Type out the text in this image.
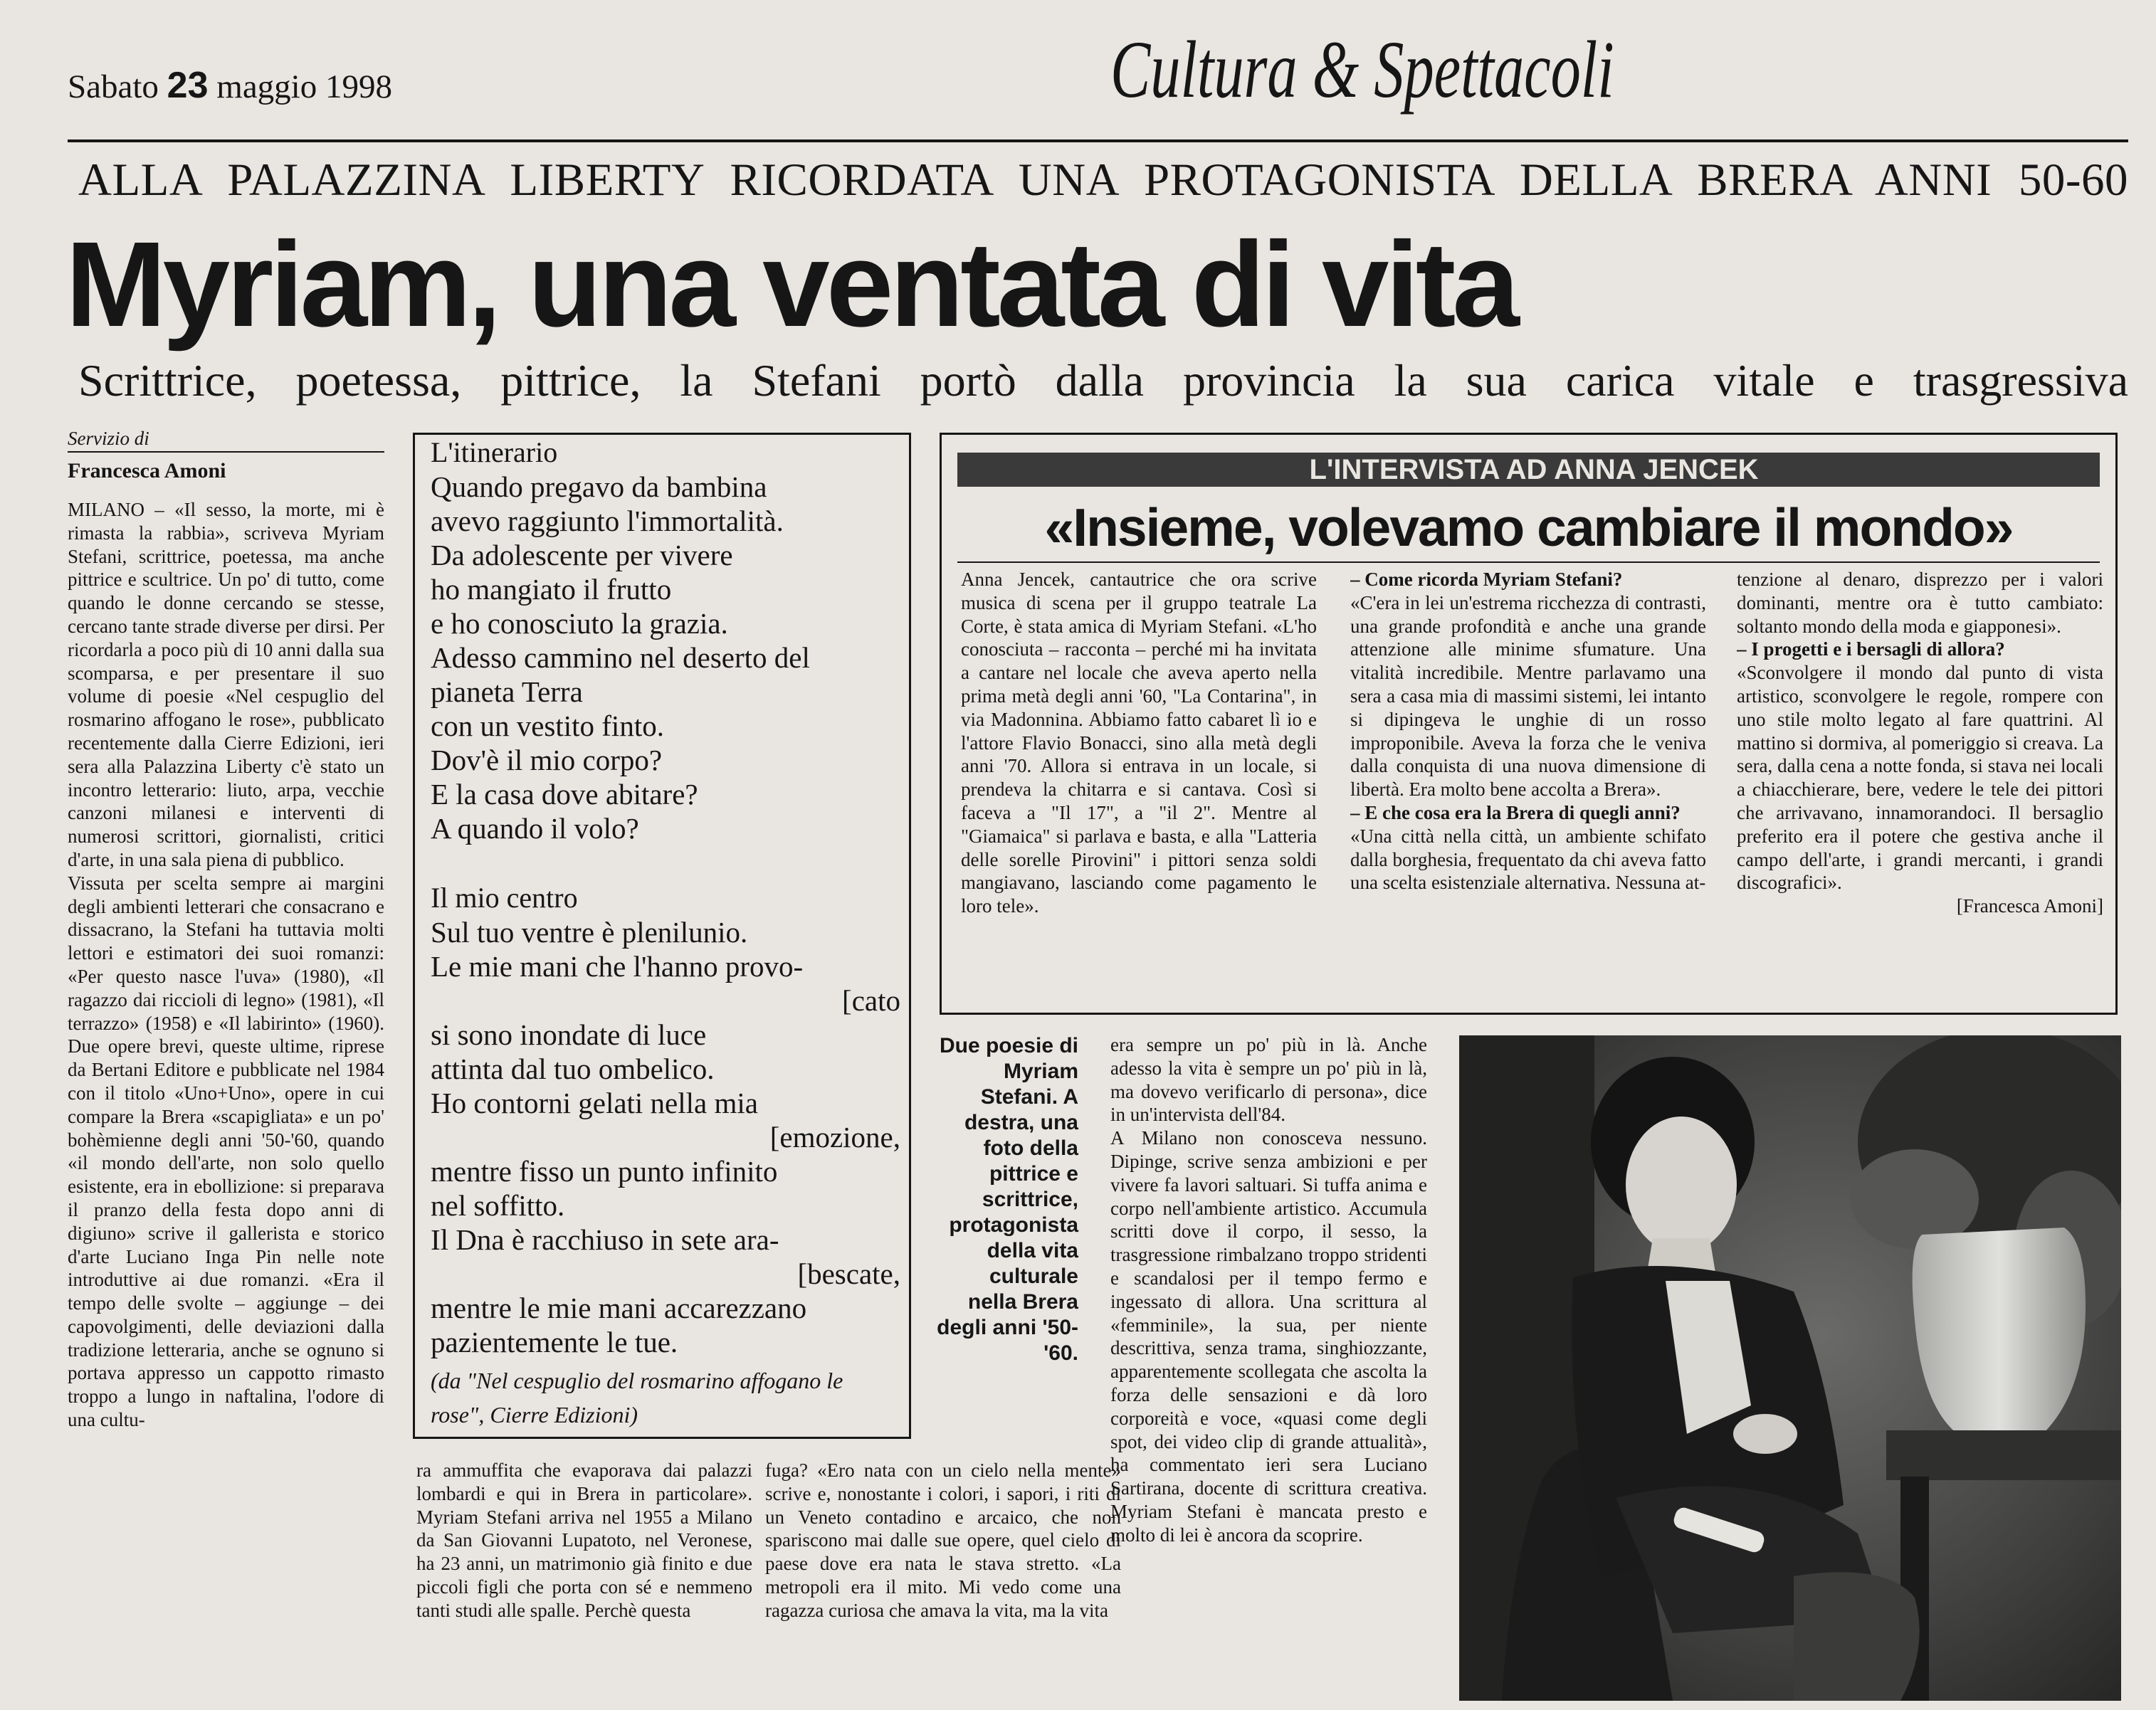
Sabato 23 maggio 1998	Cultura & Spettacoli
ALLA PALAZZINA LIBERTY RICORDATA UNA PROTAGONISTA DELLA BRERA ANNI 50-60
Myriam, una ventata di vita
Scrittrice, poetessa, pittrice, la Stefani portò dalla provincia la sua carica vitale e trasgressiva
Servizio di
Francesca Amoni

MILANO – «Il sesso, la morte, mi è rimasta la rabbia», scriveva Myriam Stefani, scrittrice, poetessa, ma anche pittrice e scultrice. Un po' di tutto, come quando le donne cercando se stesse, cercano tante strade diverse per dirsi. Per ricordarla a poco più di 10 anni dalla sua scomparsa, e per presentare il suo volume di poesie «Nel cespuglio del rosmarino affogano le rose», pubblicato recentemente dalla Cierre Edizioni, ieri sera alla Palazzina Liberty c'è stato un incontro letterario: liuto, arpa, vecchie canzoni milanesi e interventi di numerosi scrittori, giornalisti, critici d'arte, in una sala piena di pubblico.

Vissuta per scelta sempre ai margini degli ambienti letterari che consacrano e dissacrano, la Stefani ha tuttavia molti lettori e estimatori dei suoi romanzi: «Per questo nasce l'uva» (1980), «Il ragazzo dai riccioli di legno» (1981), «Il terrazzo» (1958) e «Il labirinto» (1960). Due opere brevi, queste ultime, riprese da Bertani Editore e pubblicate nel 1984 con il titolo «Uno+Uno», opere in cui compare la Brera «scapigliata» e un po' bohèmienne degli anni '50-'60, quando «il mondo dell'arte, non solo quello esistente, era in ebollizione: si preparava il pranzo della festa dopo anni di digiuno» scrive il gallerista e storico d'arte Luciano Inga Pin nelle note introduttive ai due romanzi. «Era il tempo delle svolte – aggiunge – dei capovolgimenti, delle deviazioni dalla tradizione letteraria, anche se ognuno si portava appresso un cappotto rimasto troppo a lungo in naftalina, l'odore di una cultu-

L'itinerario
Quando pregavo da bambina
avevo raggiunto l'immortalità.
Da adolescente per vivere
ho mangiato il frutto
e ho conosciuto la grazia.
Adesso cammino nel deserto del
pianeta Terra
con un vestito finto.
Dov'è il mio corpo?
E la casa dove abitare?
A quando il volo?
Il mio centro
Sul tuo ventre è plenilunio.
Le mie mani che l'hanno provo-
[cato
si sono inondate di luce
attinta dal tuo ombelico.
Ho contorni gelati nella mia
[emozione,
mentre fisso un punto infinito
nel soffitto.
Il Dna è racchiuso in sete ara-
[bescate,
mentre le mie mani accarezzano
pazientemente le tue.
(da "Nel cespuglio del rosmarino affogano le rose", Cierre Edizioni)

ra ammuffita che evaporava dai palazzi lombardi e qui in Brera in particolare». Myriam Stefani arriva nel 1955 a Milano da San Giovanni Lupatoto, nel Veronese, ha 23 anni, un matrimonio già finito e due piccoli figli che porta con sé e nemmeno tanti studi alle spalle. Perchè questa

fuga? «Ero nata con un cielo nella mente» scrive e, nonostante i colori, i sapori, i riti di un Veneto contadino e arcaico, che non spariscono mai dalle sue opere, quel cielo di paese dove era nata le stava stretto. «La metropoli era il mito. Mi vedo come una ragazza curiosa che amava la vita, ma la vita

L'INTERVISTA AD ANNA JENCEK
«Insieme, volevamo cambiare il mondo»

Anna Jencek, cantautrice che ora scrive musica di scena per il gruppo teatrale La Corte, è stata amica di Myriam Stefani. «L'ho conosciuta – racconta – perché mi ha invitata a cantare nel locale che aveva aperto nella prima metà degli anni '60, "La Contarina", in via Madonnina. Abbiamo fatto cabaret lì io e l'attore Flavio Bonacci, sino alla metà degli anni '70. Allora si entrava in un locale, si prendeva la chitarra e si cantava. Così si faceva a "Il 17", a "il 2". Mentre al "Giamaica" si parlava e basta, e alla "Latteria delle sorelle Pirovini" i pittori senza soldi mangiavano, lasciando come pagamento le loro tele».

– Come ricorda Myriam Stefani?

«C'era in lei un'estrema ricchezza di contrasti, una grande profondità e anche una grande attenzione alle minime sfumature. Una vitalità incredibile. Mentre parlavamo una sera a casa mia di massimi sistemi, lei intanto si dipingeva le unghie di un rosso improponibile. Aveva la forza che le veniva dalla conquista di una nuova dimensione di libertà. Era molto bene accolta a Brera».

– E che cosa era la Brera di quegli anni?

«Una città nella città, un ambiente schifato dalla borghesia, frequentato da chi aveva fatto una scelta esistenziale alternativa. Nessuna at-

tenzione al denaro, disprezzo per i valori dominanti, mentre ora è tutto cambiato: soltanto mondo della moda e giapponesi».

– I progetti e i bersagli di allora?

«Sconvolgere il mondo dal punto di vista artistico, sconvolgere le regole, rompere con uno stile molto legato al fare quattrini. Al mattino si dormiva, al pomeriggio si creava. La sera, dalla cena a notte fonda, si stava nei locali a chiacchierare, bere, vedere le tele dei pittori che arrivavano, innamorandoci. Il bersaglio preferito era il potere che gestiva anche il campo dell'arte, i grandi mercanti, i grandi discografici».

[Francesca Amoni]

Due poesie di Myriam Stefani. A destra, una foto della pittrice e scrittrice, protagonista della vita culturale nella Brera degli anni '50-'60.

era sempre un po' più in là. Anche adesso la vita è sempre un po' più in là, ma dovevo verificarlo di persona», dice in un'intervista dell'84.

A Milano non conosceva nessuno. Dipinge, scrive senza ambizioni e per vivere fa lavori saltuari. Si tuffa anima e corpo nell'ambiente artistico. Accumula scritti dove il corpo, il sesso, la trasgressione rimbalzano troppo stridenti e scandalosi per il tempo fermo e ingessato di allora. Una scrittura al «femminile», la sua, per niente descrittiva, senza trama, singhiozzante, apparentemente scollegata che ascolta la forza delle sensazioni e dà loro corporeità e voce, «quasi come degli spot, dei video clip di grande attualità», ha commentato ieri sera Luciano Sartirana, docente di scrittura creativa. Myriam Stefani è mancata presto e molto di lei è ancora da scoprire.
